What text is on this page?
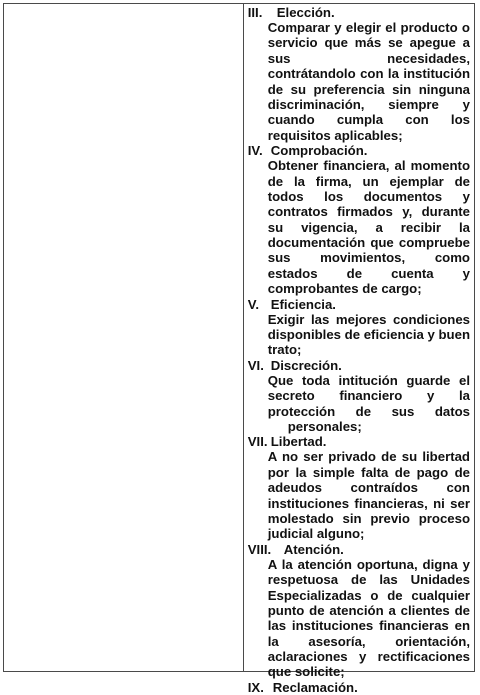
III.	Elección.
Comparar y elegir el producto o
servicio que más se apegue a
sus necesidades,
contrátandolo con la institución
de su preferencia sin ninguna
discriminación, siempre y
cuando cumpla con los
requisitos aplicables;
IV. Comprobación.
Obtener financiera, al momento
de la firma, un ejemplar de
todos los documentos y
contratos firmados y, durante
su vigencia, a recibir la
documentación que compruebe
sus movimientos, como
estados de cuenta y
comprobantes de cargo;
V. Eficiencia.
Exigir las mejores condiciones
disponibles de eficiencia y buen
trato;
VI. Discreción.
Que toda intitución guarde el
secreto financiero y la
protección de sus datos
personales;
VII. Libertad.
A no ser privado de su libertad
por la simple falta de pago de
adeudos contraídos con
instituciones financieras, ni ser
molestado sin previo proceso
judicial alguno;
VIII. Atención.
A la atención oportuna, digna y
respetuosa de las Unidades
Especializadas o de cualquier
punto de atención a clientes de
las instituciones financieras en
la asesoría, orientación,
aclaraciones y rectificaciones
que solicite;
IX. Reclamación.
